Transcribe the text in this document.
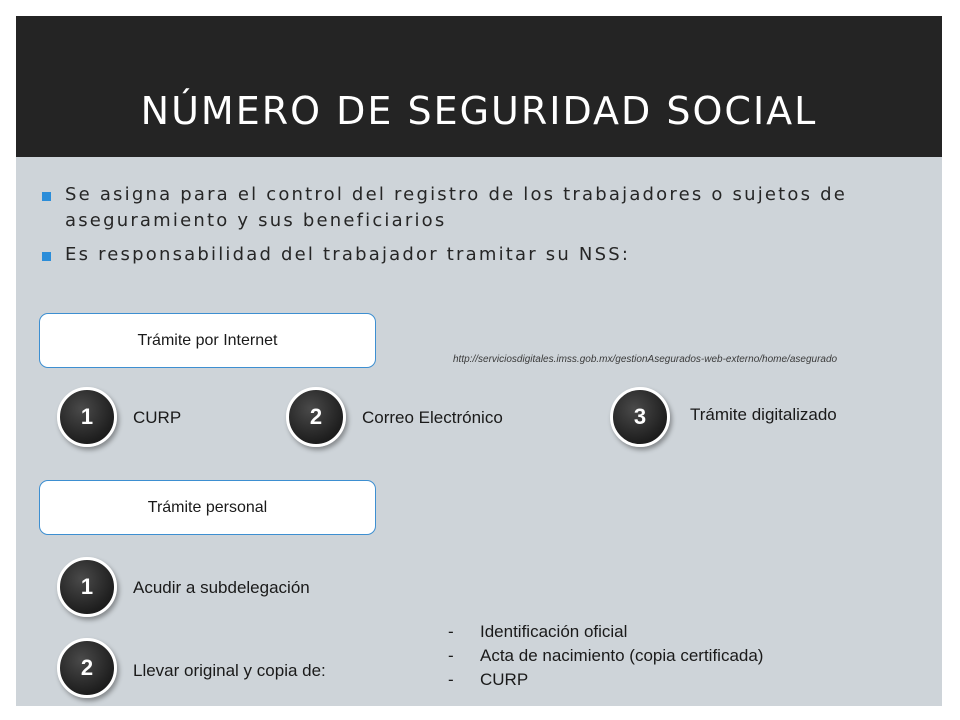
NÚMERO DE SEGURIDAD SOCIAL
Se asigna para el control del registro de los trabajadores o sujetos de aseguramiento y sus beneficiarios
Es responsabilidad del trabajador tramitar su NSS:
Trámite por Internet
http://serviciosdigitales.imss.gob.mx/gestionAsegurados-web-externo/home/asegurado
1 CURP	2 Correo Electrónico	3	Trámite digitalizado
Trámite personal
1 Acudir a subdelegación
2 Llevar original y copia de:
- Identificación oficial
- Acta de nacimiento (copia certificada)
- CURP
